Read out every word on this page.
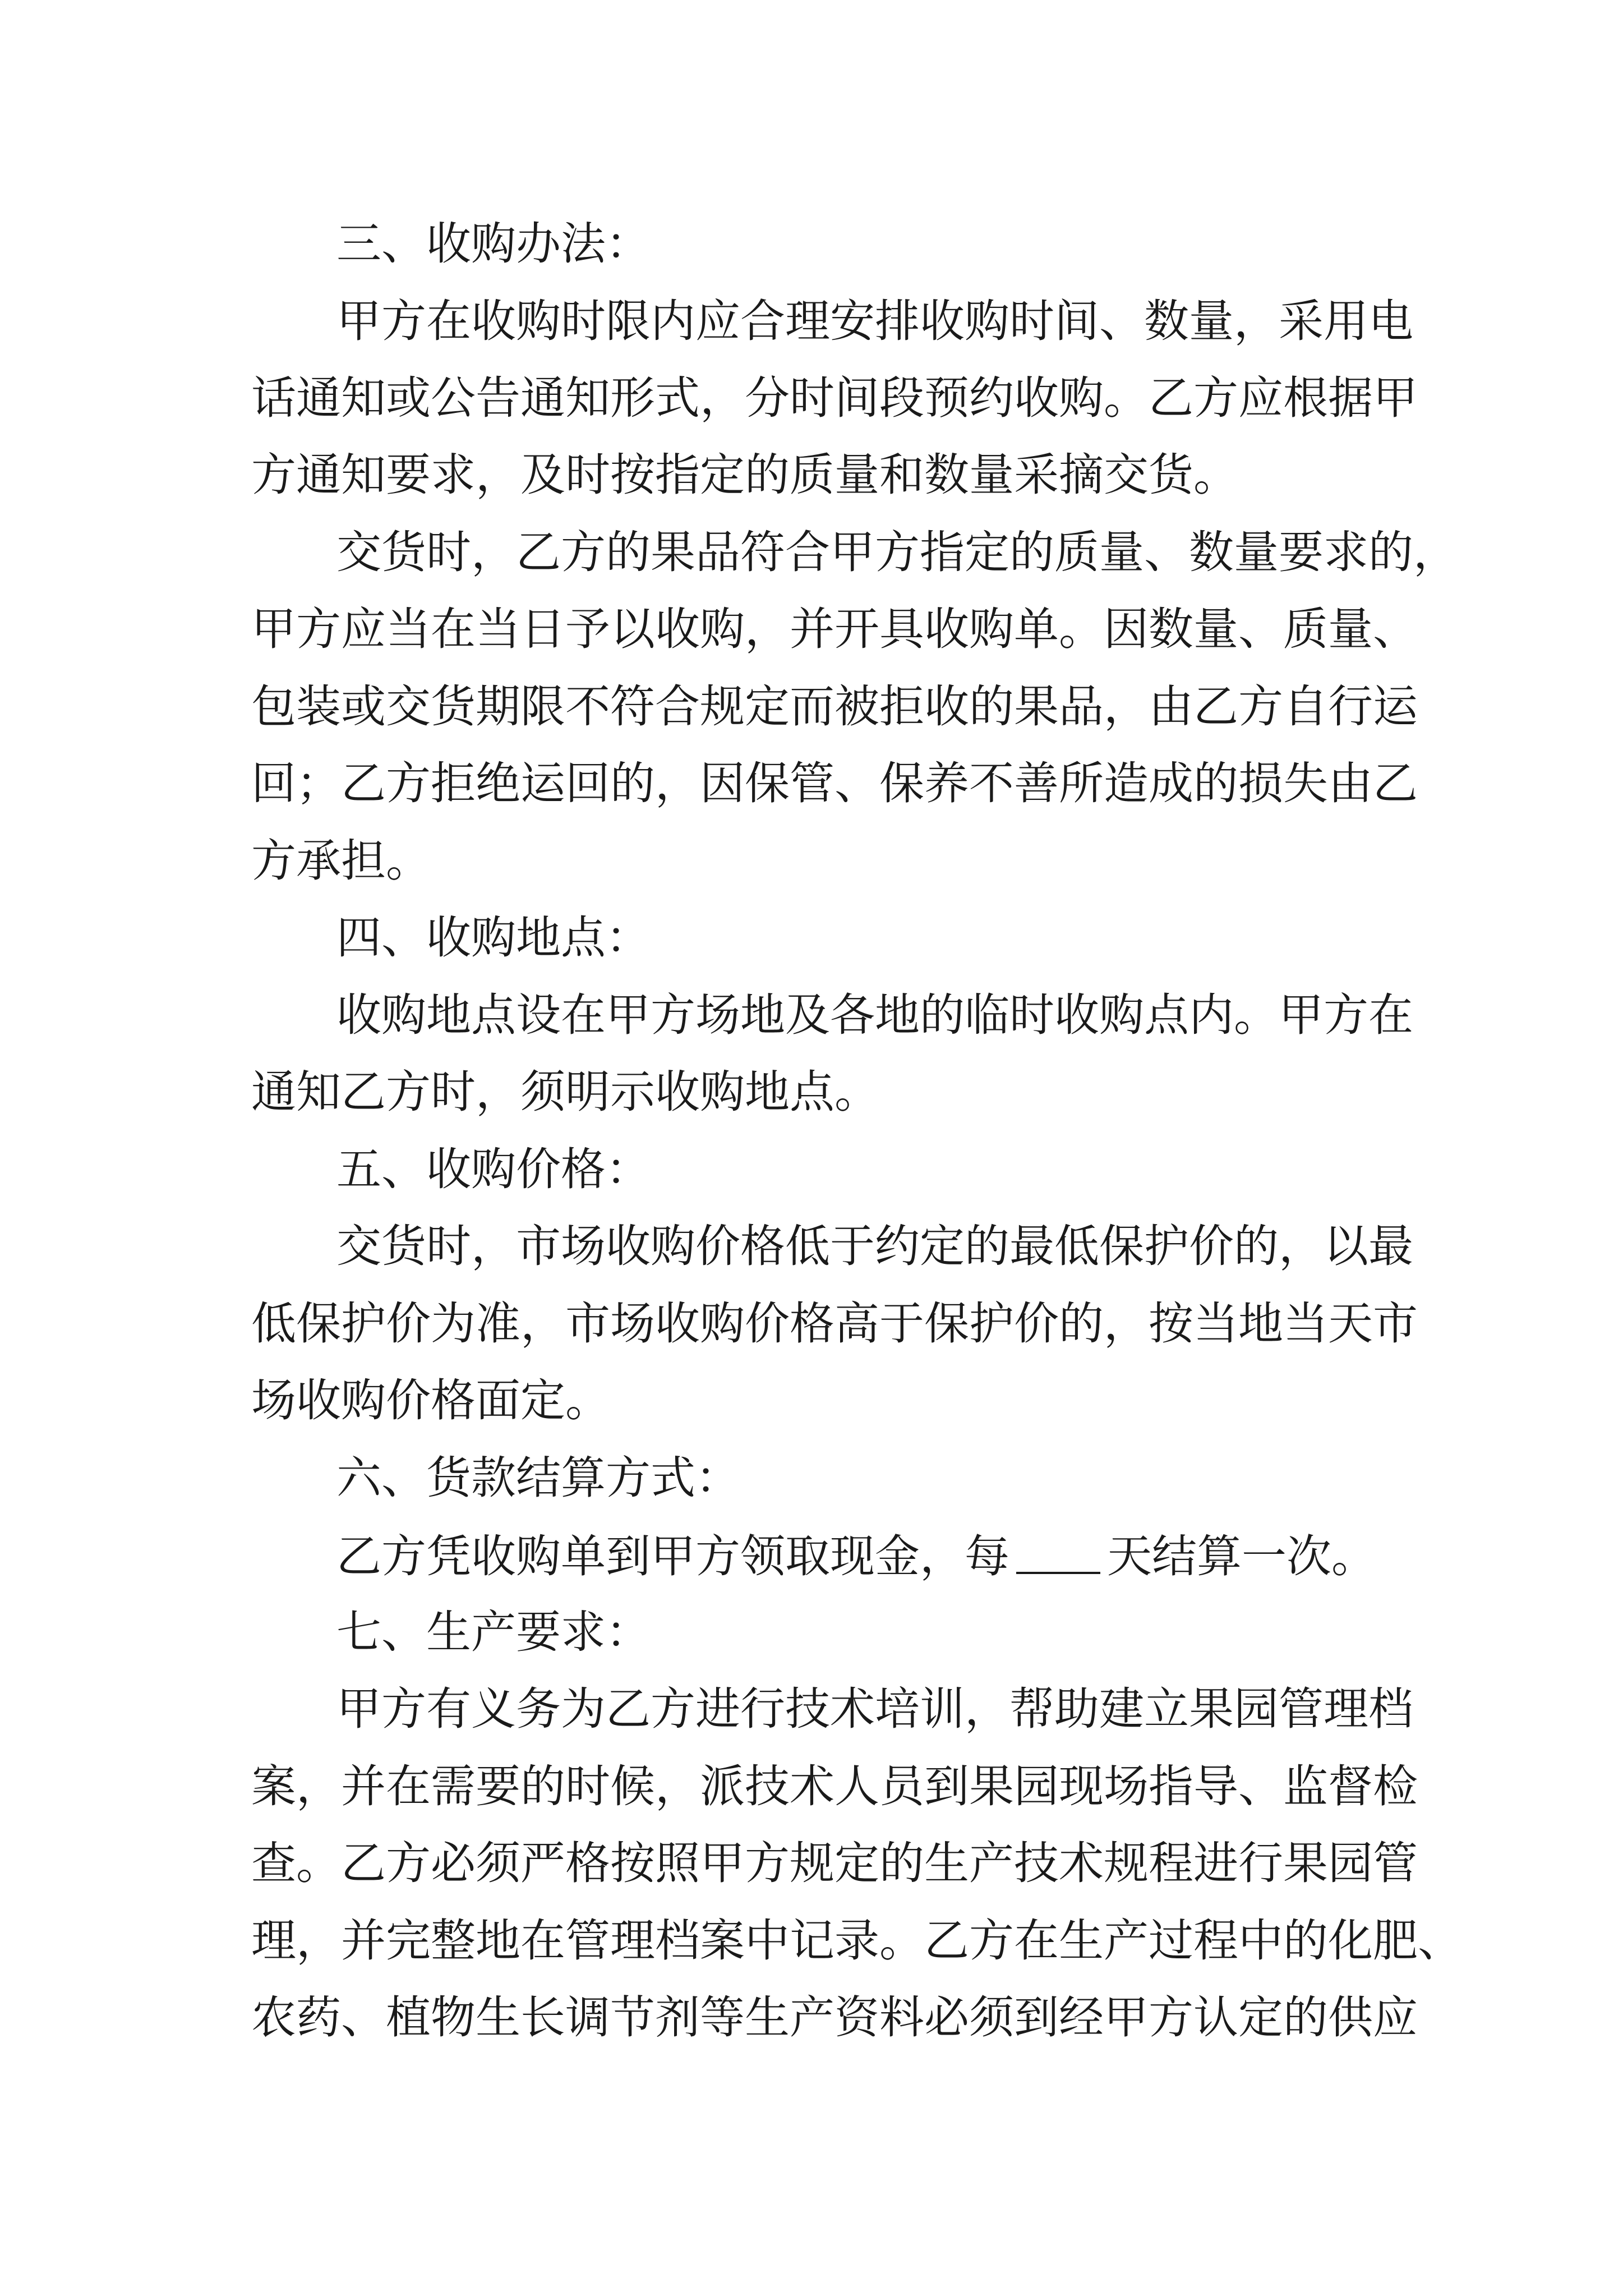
三、收购办法：
甲方在收购时限内应合理安排收购时间、数量，采用电
话通知或公告通知形式，分时间段预约收购。乙方应根据甲
方通知要求，及时按指定的质量和数量采摘交货。
交货时，乙方的果品符合甲方指定的质量、数量要求的，
甲方应当在当日予以收购，并开具收购单。因数量、质量、
包装或交货期限不符合规定而被拒收的果品，由乙方自行运
回；乙方拒绝运回的，因保管、保养不善所造成的损失由乙
方承担。
四、收购地点：
收购地点设在甲方场地及各地的临时收购点内。甲方在
通知乙方时，须明示收购地点。
五、收购价格：
交货时，市场收购价格低于约定的最低保护价的，以最
低保护价为准，市场收购价格高于保护价的，按当地当天市
场收购价格面定。
六、货款结算方式：
乙方凭收购单到甲方领取现金，每 天结算一次。
七、生产要求：
甲方有义务为乙方进行技术培训，帮助建立果园管理档
案，并在需要的时候，派技术人员到果园现场指导、监督检
查。乙方必须严格按照甲方规定的生产技术规程进行果园管
理，并完整地在管理档案中记录。乙方在生产过程中的化肥、
农药、植物生长调节剂等生产资料必须到经甲方认定的供应
